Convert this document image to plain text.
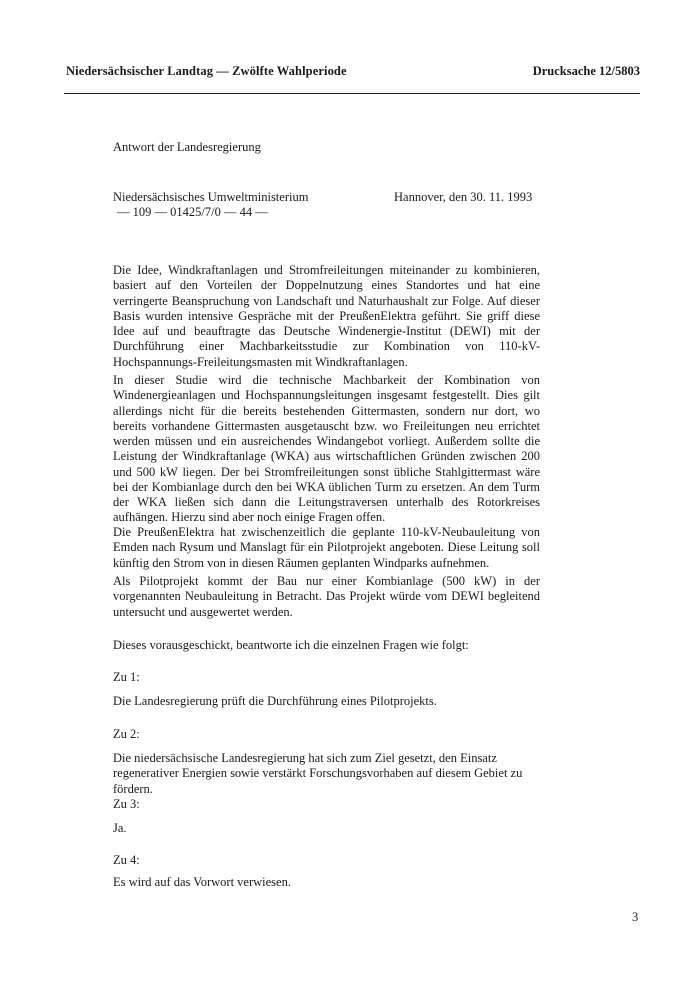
Niedersächsischer Landtag — Zwölfte Wahlperiode	Drucksache 12/5803
Antwort der Landesregierung
Niedersächsisches Umweltministerium
— 109 — 01425/7/0 — 44 —
Hannover, den 30. 11. 1993

Die Idee, Windkraftanlagen und Stromfreileitungen miteinander zu kombinieren, basiert auf den Vorteilen der Doppelnutzung eines Standortes und hat eine verringerte Beanspruchung von Landschaft und Naturhaushalt zur Folge. Auf dieser Basis wurden intensive Gespräche mit der PreußenElektra geführt. Sie griff diese Idee auf und beauftragte das Deutsche Windenergie-Institut (DEWI) mit der Durchführung einer Machbarkeitsstudie zur Kombination von 110-kV-Hochspannungs-Freileitungsmasten mit Windkraftanlagen.

In dieser Studie wird die technische Machbarkeit der Kombination von Windenergieanlagen und Hochspannungsleitungen insgesamt festgestellt. Dies gilt allerdings nicht für die bereits bestehenden Gittermasten, sondern nur dort, wo bereits vorhandene Gittermasten ausgetauscht bzw. wo Freileitungen neu errichtet werden müssen und ein ausreichendes Windangebot vorliegt. Außerdem sollte die Leistung der Windkraftanlage (WKA) aus wirtschaftlichen Gründen zwischen 200 und 500 kW liegen. Der bei Stromfreileitungen sonst übliche Stahlgittermast wäre bei der Kombianlage durch den bei WKA üblichen Turm zu ersetzen. An dem Turm der WKA ließen sich dann die Leitungstraversen unterhalb des Rotorkreises aufhängen. Hierzu sind aber noch einige Fragen offen.

Die PreußenElektra hat zwischenzeitlich die geplante 110-kV-Neubauleitung von Emden nach Rysum und Manslagt für ein Pilotprojekt angeboten. Diese Leitung soll künftig den Strom von in diesen Räumen geplanten Windparks aufnehmen.

Als Pilotprojekt kommt der Bau nur einer Kombianlage (500 kW) in der vorgenannten Neubauleitung in Betracht. Das Projekt würde vom DEWI begleitend untersucht und ausgewertet werden.

Dieses vorausgeschickt, beantworte ich die einzelnen Fragen wie folgt:

Zu 1:
Die Landesregierung prüft die Durchführung eines Pilotprojekts.
Zu 2:
Die niedersächsische Landesregierung hat sich zum Ziel gesetzt, den Einsatz regenerativer Energien sowie verstärkt Forschungsvorhaben auf diesem Gebiet zu fördern.
Zu 3:
Ja.
Zu 4:
Es wird auf das Vorwort verwiesen.
3
